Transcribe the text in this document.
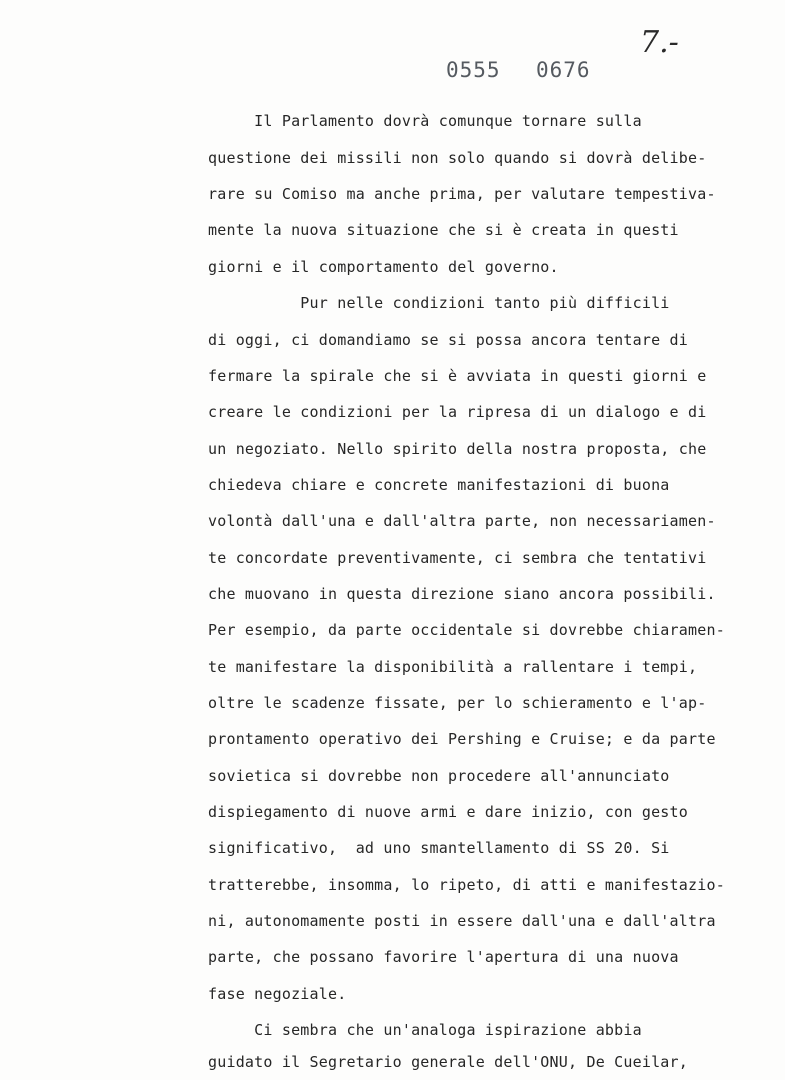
0555 0676
7.-
Il Parlamento dovrà comunque tornare sulla
questione dei missili non solo quando si dovrà delibe-
rare su Comiso ma anche prima, per valutare tempestiva-
mente la nuova situazione che si è creata in questi
giorni e il comportamento del governo.
Pur nelle condizioni tanto più difficili
di oggi, ci domandiamo se si possa ancora tentare di
fermare la spirale che si è avviata in questi giorni e
creare le condizioni per la ripresa di un dialogo e di
un negoziato. Nello spirito della nostra proposta, che
chiedeva chiare e concrete manifestazioni di buona
volontà dall'una e dall'altra parte, non necessariamen-
te concordate preventivamente, ci sembra che tentativi
che muovano in questa direzione siano ancora possibili.
Per esempio, da parte occidentale si dovrebbe chiaramen-
te manifestare la disponibilità a rallentare i tempi,
oltre le scadenze fissate, per lo schieramento e l'ap-
prontamento operativo dei Pershing e Cruise; e da parte
sovietica si dovrebbe non procedere all'annunciato
dispiegamento di nuove armi e dare inizio, con gesto
significativo,  ad uno smantellamento di SS 20. Si
tratterebbe, insomma, lo ripeto, di atti e manifestazio-
ni, autonomamente posti in essere dall'una e dall'altra
parte, che possano favorire l'apertura di una nuova
fase negoziale.
Ci sembra che un'analoga ispirazione abbia
guidato il Segretario generale dell'ONU, De Cueilar,
